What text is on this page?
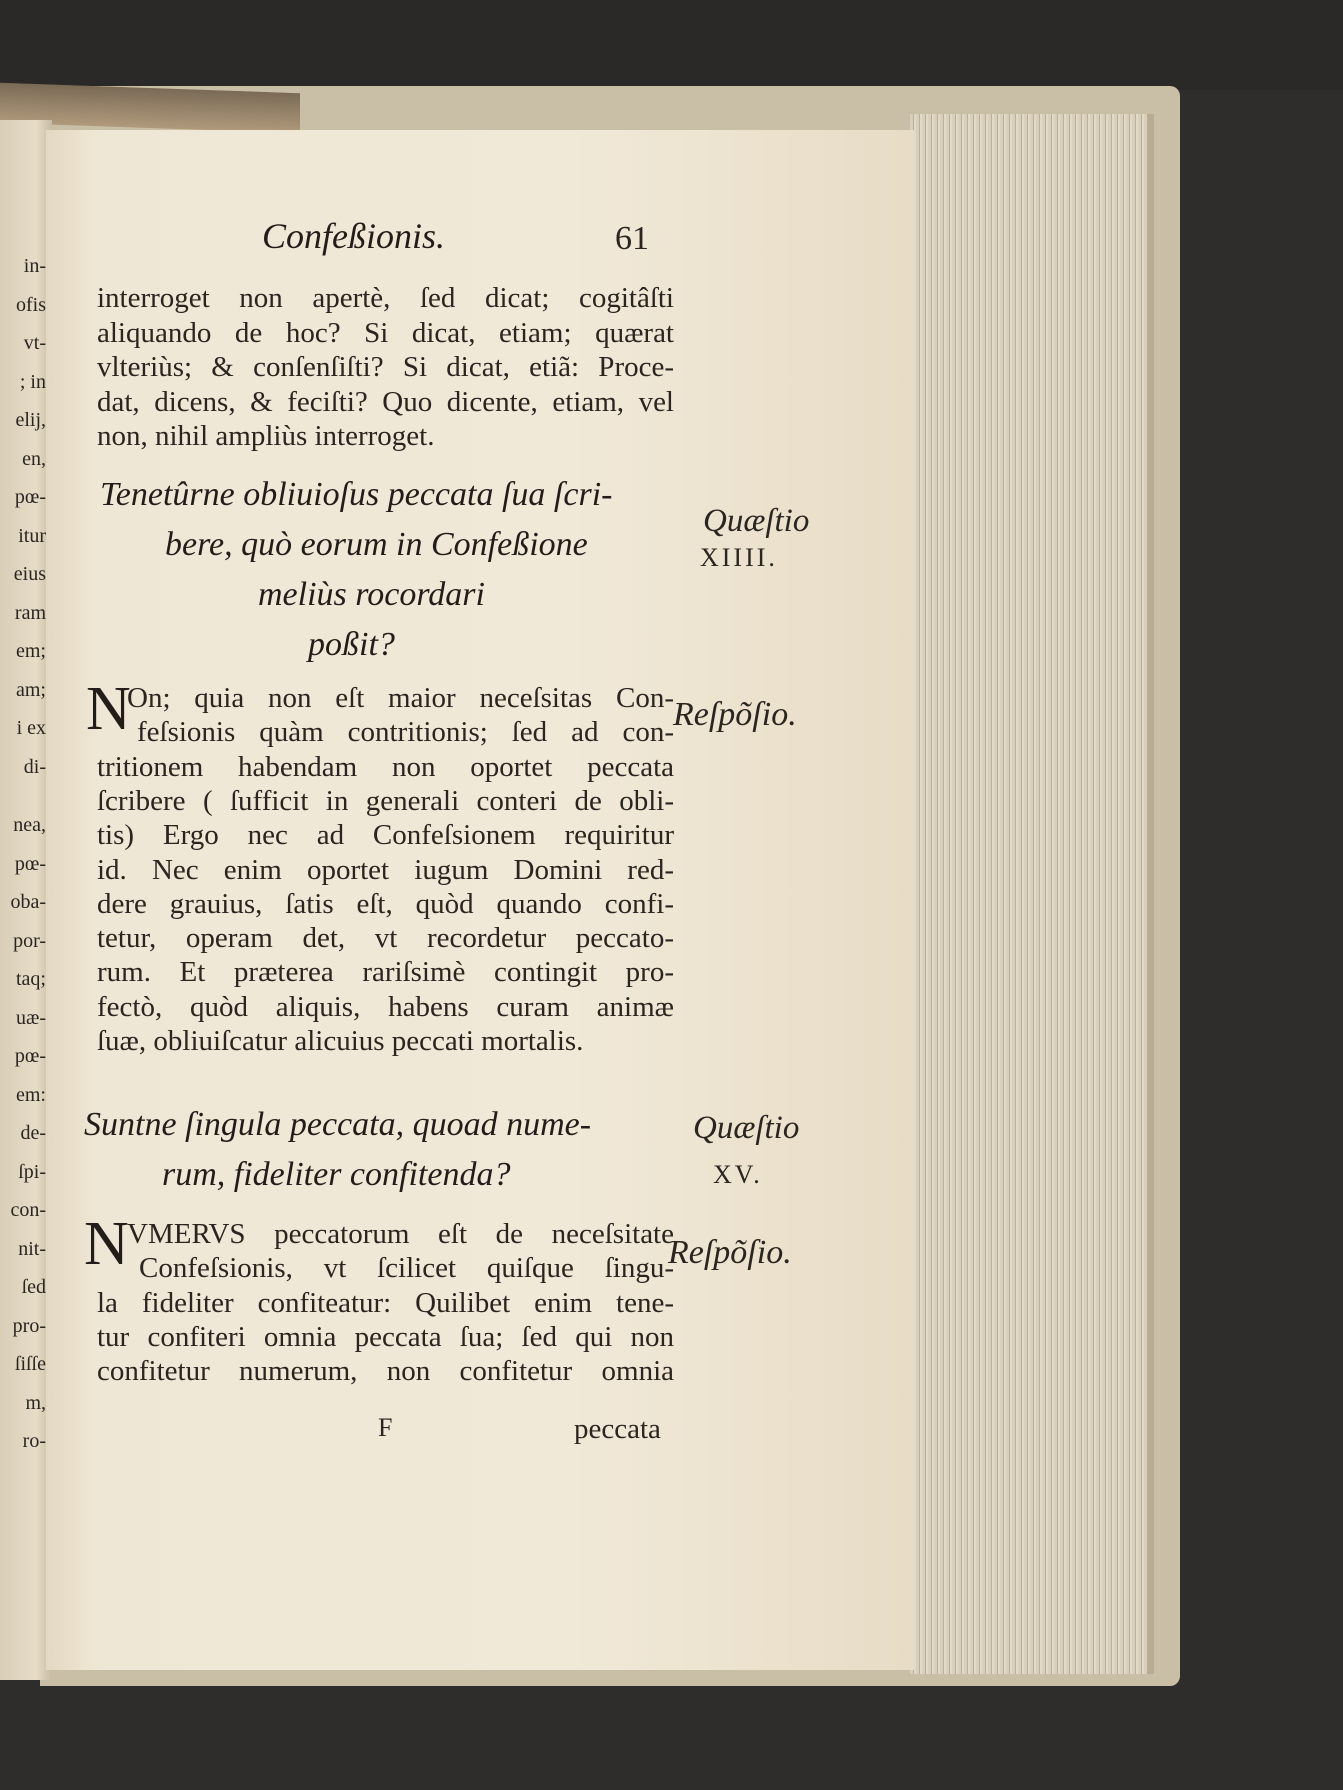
Confeßionis.	61
Tenetûrne obliuioſus peccata ſua ſcri-
bere, quò eorum in Confeßione
meliùs rocordari
poßit?
Quæſtio
XIIII.
N	Reſpõſio.
Suntne ſingula peccata, quoad nume-
rum, fideliter confitenda?
Quæſtio
XV.
N	Reſpõſio.
F	peccata
in-
ofis
vt-
; in
elij,
en,
pœ-
itur
eius
ram
em;
am;
i ex
di-
nea,
pœ-
oba-
por-
taq;
uæ-
pœ-
em:
de-
ſpi-
con-
nit-
ſed
pro-
ſiſſe
m,
ro-
interroget non apertè, ſed dicat; cogitâſti
aliquando de hoc? Si dicat, etiam; quærat
vlteriùs; & conſenſiſti? Si dicat, etiã: Proce-
dat, dicens, & feciſti? Quo dicente, etiam, vel
non, nihil ampliùs interroget.
On; quia non eſt maior neceſsitas Con-
feſsionis quàm contritionis; ſed ad con-
tritionem habendam non oportet peccata
ſcribere ( ſufficit in generali conteri de obli-
tis) Ergo nec ad Confeſsionem requiritur
id. Nec enim oportet iugum Domini red-
dere grauius, ſatis eſt, quòd quando confi-
tetur, operam det, vt recordetur peccato-
rum. Et præterea rariſsimè contingit pro-
fectò, quòd aliquis, habens curam animæ
ſuæ, obliuiſcatur alicuius peccati mortalis.
VMERVS peccatorum eſt de neceſsitate
Confeſsionis, vt ſcilicet quiſque ſingu-
la fideliter confiteatur: Quilibet enim tene-
tur confiteri omnia peccata ſua; ſed qui non
confitetur numerum, non confitetur omnia
